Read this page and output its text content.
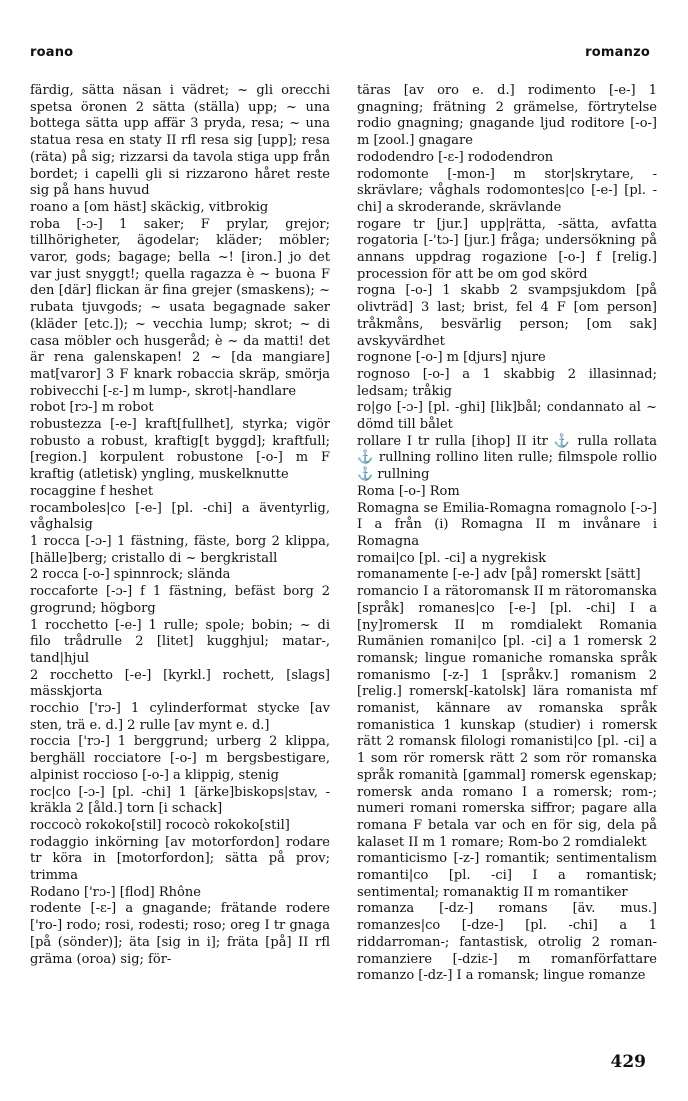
roano	romanzo

färdig, sätta näsan i vädret; ~ gli orecchi spetsa öronen 2 sätta (ställa) upp; ~ una bottega sätta upp affär 3 pryda, resa; ~ una statua resa en staty II rfl resa sig [upp]; resa (räta) på sig; rizzarsi da tavola stiga upp från bordet; i capelli gli si rizzarono håret reste sig på hans huvud

roano a [om häst] skäckig, vitbrokig

roba [-ɔ-] 1 saker; F prylar, grejor; tillhörigheter, ägodelar; kläder; möbler; varor, gods; bagage; bella ~! [iron.] jo det var just snyggt!; quella ragazza è ~ buona F den [där] flickan är fina grejer (smaskens); ~ rubata tjuvgods; ~ usata begagnade saker (kläder [etc.]); ~ vecchia lump; skrot; ~ di casa möbler och husgeråd; è ~ da matti! det är rena galenskapen! 2 ~ [da mangiare] mat[varor] 3 F knark robaccia skräp, smörja robivecchi [-ɛ-] m lump-, skrot|-handlare

robot [rɔ-] m robot

robustezza [-e-] kraft[fullhet], styrka; vigör robusto a robust, kraftig[t byggd]; kraftfull; [region.] korpulent robustone [-o-] m F kraftig (atletisk) yngling, muskelknutte

rocaggine f heshet

rocamboles|co [-e-] [pl. -chi] a äventyrlig, våghalsig

1 rocca [-ɔ-] 1 fästning, fäste, borg 2 klippa, [hälle]berg; cristallo di ~ bergkristall

2 rocca [-o-] spinnrock; slända

roccaforte [-ɔ-] f 1 fästning, befäst borg 2 grogrund; högborg

1 rocchetto [-e-] 1 rulle; spole; bobin; ~ di filo trådrulle 2 [litet] kugghjul; matar-, tand|hjul

2 rocchetto [-e-] [kyrkl.] rochett, [slags] mässkjorta

rocchio ['rɔ-] 1 cylinderformat stycke [av sten, trä e. d.] 2 rulle [av mynt e. d.]

roccia ['rɔ-] 1 berggrund; urberg 2 klippa, berghäll rocciatore [-o-] m bergsbestigare, alpinist roccioso [-o-] a klippig, stenig

roc|co [-ɔ-] [pl. -chi] 1 [ärke]biskops|stav, -kräkla 2 [åld.] torn [i schack]

roccocò rokoko[stil] rococò rokoko[stil]

rodaggio inkörning [av motorfordon] rodare tr köra in [motorfordon]; sätta på prov; trimma

Rodano ['rɔ-] [flod] Rhône

rodente [-ɛ-] a gnagande; frätande rodere ['ro-] rodo; rosi, rodesti; roso; oreg I tr gnaga [på (sönder)]; äta [sig in i]; fräta [på] II rfl gräma (oroa) sig; för-

täras [av oro e. d.] rodimento [-e-] 1 gnagning; frätning 2 grämelse, förtrytelse rodio gnagning; gnagande ljud roditore [-o-] m [zool.] gnagare

rododendro [-ɛ-] rododendron

rodomonte [-mon-] m stor|skrytare, -skrävlare; våghals rodomontes|co [-e-] [pl. -chi] a skroderande, skrävlande

rogare tr [jur.] upp|rätta, -sätta, avfatta rogatoria [-'tɔ-] [jur.] fråga; undersökning på annans uppdrag rogazione [-o-] f [relig.] procession för att be om god skörd

rogna [-o-] 1 skabb 2 svampsjukdom [på olivträd] 3 last; brist, fel 4 F [om person] tråkmåns, besvärlig person; [om sak] avskyvärdhet

rognone [-o-] m [djurs] njure

rognoso [-o-] a 1 skabbig 2 illasinnad; ledsam; tråkig

ro|go [-ɔ-] [pl. -ghi] [lik]bål; condannato al ~ dömd till bålet

rollare I tr rulla [ihop] II itr ⚓ rulla rollata ⚓ rullning rollino liten rulle; filmspole rollio ⚓ rullning

Roma [-o-] Rom

Romagna se Emilia-Romagna romagnolo [-ɔ-] I a från (i) Romagna II m invånare i Romagna

romai|co [pl. -ci] a nygrekisk

romanamente [-e-] adv [på] romerskt [sätt]

romancio I a rätoromansk II m rätoromanska [språk] romanes|co [-e-] [pl. -chi] I a [ny]romersk II m romdialekt Romania Rumänien romani|co [pl. -ci] a 1 romersk 2 romansk; lingue romaniche romanska språk romanismo [-z-] 1 [språkv.] romanism 2 [relig.] romersk[-katolsk] lära romanista mf romanist, kännare av romanska språk romanistica 1 kunskap (studier) i romersk rätt 2 romansk filologi romanisti|co [pl. -ci] a 1 som rör romersk rätt 2 som rör romanska språk romanità [gammal] romersk egenskap; romersk anda romano I a romersk; rom-; numeri romani romerska siffror; pagare alla romana F betala var och en för sig, dela på kalaset II m 1 romare; Rom-bo 2 romdialekt

romanticismo [-z-] romantik; sentimentalism romanti|co [pl. -ci] I a romantisk; sentimental; romanaktig II m romantiker

romanza [-dz-] romans [äv. mus.] romanzes|co [-dze-] [pl. -chi] a 1 riddarroman-; fantastisk, otrolig 2 roman- romanziere [-dziɛ-] m romanförfattare romanzo [-dz-] I a romansk; lingue romanze

429
